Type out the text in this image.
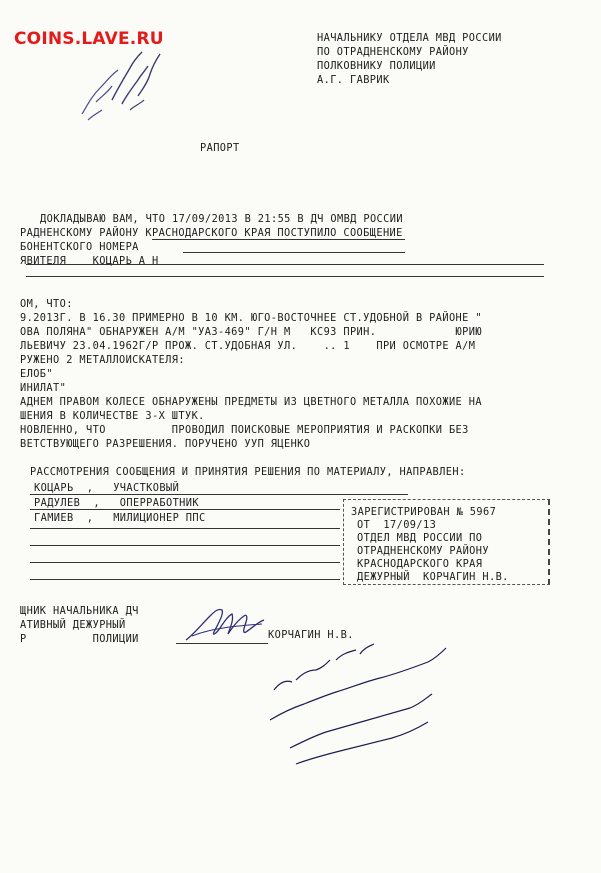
COINS.LAVE.RU	НАЧАЛЬНИКУ ОТДЕЛА МВД РОССИИ
ПО ОТРАДНЕНСКОМУ РАЙОНУ
ПОЛКОВНИКУ ПОЛИЦИИ
А.Г. ГАВРИК
РАПОРТ
ДОКЛАДЫВАЮ ВАМ, ЧТО 17/09/2013 В 21:55 В ДЧ ОМВД РОССИИ
РАДНЕНСКОМУ РАЙОНУ КРАСНОДАРСКОГО КРАЯ ПОСТУПИЛО СООБЩЕНИЕ
БОНЕНТСКОГО НОМЕРА
ЯВИТЕЛЯ    КОЦАРЬ А Н
ОМ, ЧТО:
9.2013Г. В 16.30 ПРИМЕРНО В 10 КМ. ЮГО-ВОСТОЧНЕЕ СТ.УДОБНОЙ В РАЙОНЕ "
ОВА ПОЛЯНА" ОБНАРУЖЕН А/М "УАЗ-469" Г/Н М   КС93 ПРИН.            ЮРИЮ
ЛЬЕВИЧУ 23.04.1962Г/Р ПРОЖ. СТ.УДОБНАЯ УЛ.    .. 1    ПРИ ОСМОТРЕ А/М
РУЖЕНО 2 МЕТАЛЛОИСКАТЕЛЯ:
ЕЛОБ"
ИНИЛАТ"
АДНЕМ ПРАВОМ КОЛЕСЕ ОБНАРУЖЕНЫ ПРЕДМЕТЫ ИЗ ЦВЕТНОГО МЕТАЛЛА ПОХОЖИЕ НА
ШЕНИЯ В КОЛИЧЕСТВЕ 3-Х ШТУК.
НОВЛЕННО, ЧТО          ПРОВОДИЛ ПОИСКОВЫЕ МЕРОПРИЯТИЯ И РАСКОПКИ БЕЗ
ВЕТСТВУЮЩЕГО РАЗРЕШЕНИЯ. ПОРУЧЕНО УУП ЯЦЕНКО
РАССМОТРЕНИЯ СООБЩЕНИЯ И ПРИНЯТИЯ РЕШЕНИЯ ПО МАТЕРИАЛУ, НАПРАВЛЕН:
КОЦАРЬ  ,   УЧАСТКОВЫЙ
РАДУЛЕВ  ,   ОПЕРРАБОТНИК
ГАМИЕВ  ,   МИЛИЦИОНЕР ППС	ЗАРЕГИСТРИРОВАН № 5967
ОТ  17/09/13
ОТДЕЛ МВД РОССИИ ПО
ОТРАДНЕНСКОМУ РАЙОНУ
КРАСНОДАРСКОГО КРАЯ
ДЕЖУРНЫЙ  КОРЧАГИН Н.В.
ЩНИК НАЧАЛЬНИКА ДЧ
АТИВНЫЙ ДЕЖУРНЫЙ
Р          ПОЛИЦИИ	КОРЧАГИН Н.В.
